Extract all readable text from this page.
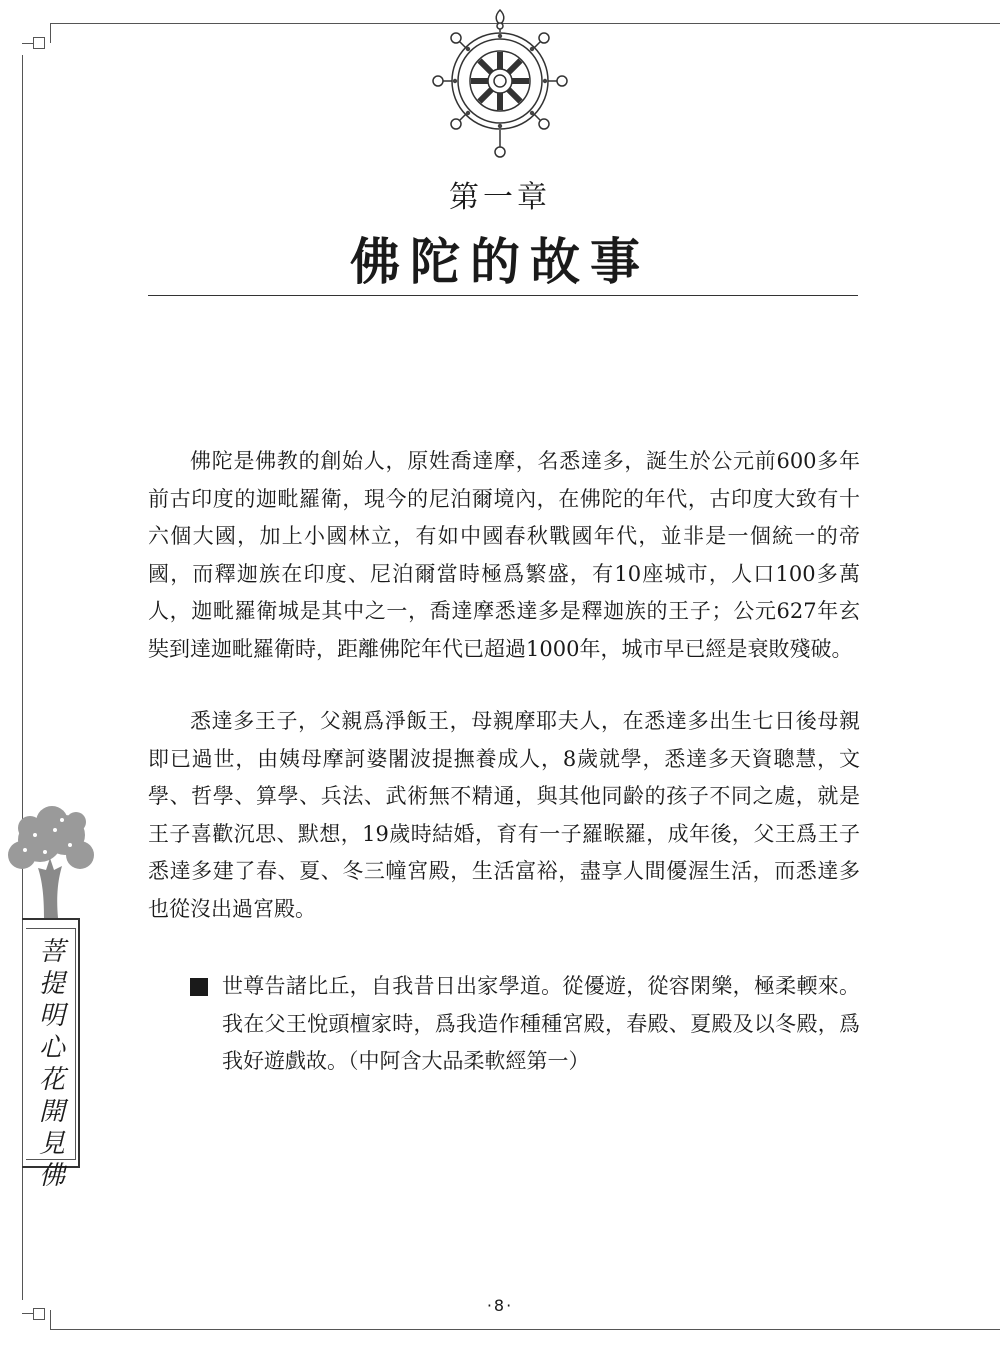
第一章
佛陀的故事

佛陀是佛教的創始人，原姓喬達摩，名悉達多，誕生於公元前600多年前古印度的迦毗羅衛，現今的尼泊爾境內，在佛陀的年代，古印度大致有十六個大國，加上小國林立，有如中國春秋戰國年代，並非是一個統一的帝國，而釋迦族在印度、尼泊爾當時極爲繁盛，有10座城市，人口100多萬人，迦毗羅衛城是其中之一，喬達摩悉達多是釋迦族的王子；公元627年玄奘到達迦毗羅衛時，距離佛陀年代已超過1000年，城市早已經是衰敗殘破。

悉達多王子，父親爲淨飯王，母親摩耶夫人，在悉達多出生七日後母親即已過世，由姨母摩訶婆闍波提撫養成人，8歲就學，悉達多天資聰慧，文學、哲學、算學、兵法、武術無不精通，與其他同齡的孩子不同之處，就是王子喜歡沉思、默想，19歲時結婚，育有一子羅睺羅，成年後，父王爲王子悉達多建了春、夏、冬三幢宮殿，生活富裕，盡享人間優渥生活，而悉達多也從沒出過宮殿。

世尊告諸比丘，自我昔日出家學道。從優遊，從容閑樂，極柔輭來。我在父王悅頭檀家時，爲我造作種種宮殿，春殿、夏殿及以冬殿，爲我好遊戲故。（中阿含大品柔軟經第一）

菩提明心花開見佛
·8·
